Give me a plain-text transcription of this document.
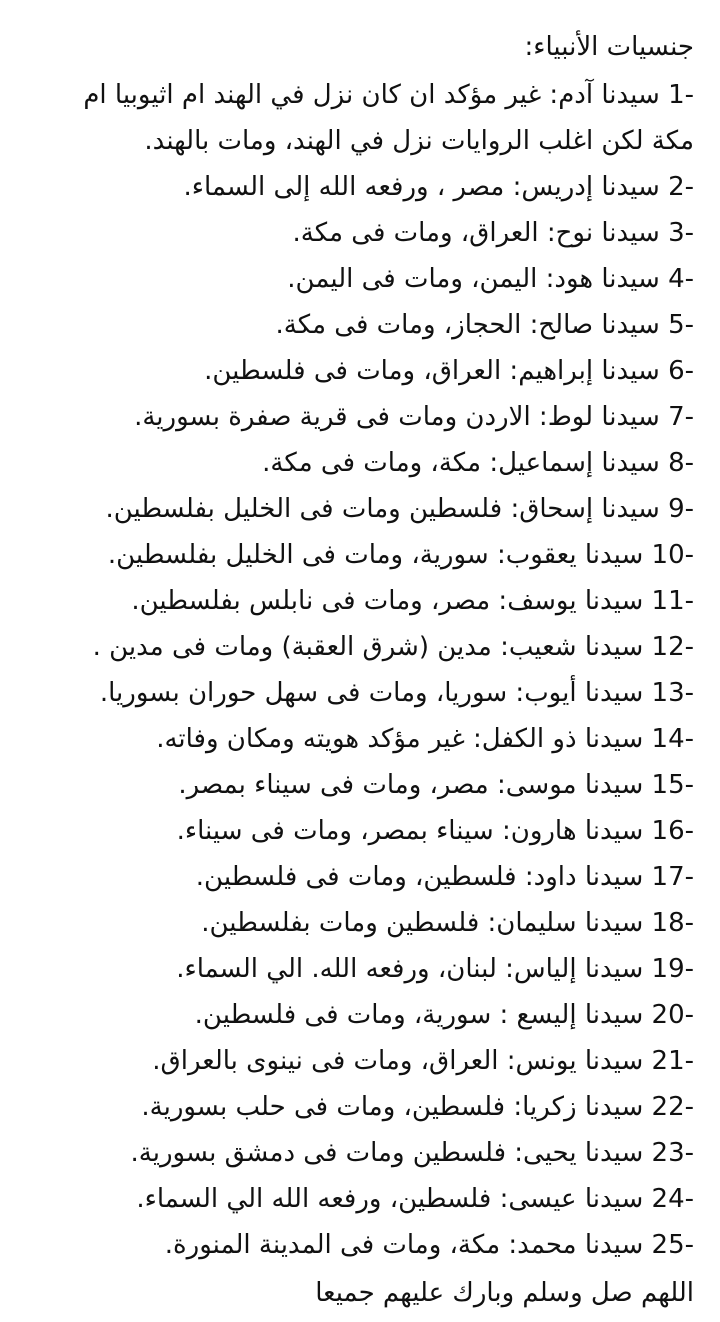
جنسيات الأنبياء:
1- سيدنا آدم: غير مؤكد ان كان نزل في الهند ام اثيوبيا ام
مكة لكن اغلب الروايات نزل في الهند، ومات بالهند.
2- سيدنا إدريس: مصر ، ورفعه الله إلى السماء.
3- سيدنا نوح: العراق، ومات فى مكة.
4- سيدنا هود: اليمن، ومات فى اليمن.
5- سيدنا صالح: الحجاز، ومات فى مكة.
6- سيدنا إبراهيم: العراق، ومات فى فلسطين.
7- سيدنا لوط: الاردن ومات فى قرية صفرة بسورية.
8- سيدنا إسماعيل: مكة، ومات فى مكة.
9- سيدنا إسحاق: فلسطين ومات فى الخليل بفلسطين.
10- سيدنا يعقوب: سورية، ومات فى الخليل بفلسطين.
11- سيدنا يوسف: مصر، ومات فى نابلس بفلسطين.
12- سيدنا شعيب: مدين (شرق العقبة) ومات فى مدين .
13- سيدنا أيوب: سوريا، ومات فى سهل حوران بسوريا.
14- سيدنا ذو الكفل: غير مؤكد هويته ومكان وفاته.
15- سيدنا موسى: مصر، ومات فى سيناء بمصر.
16- سيدنا هارون: سيناء بمصر، ومات فى سيناء.
17- سيدنا داود: فلسطين، ومات فى فلسطين.
18- سيدنا سليمان: فلسطين ومات بفلسطين.
19- سيدنا إلياس: لبنان، ورفعه الله. الي السماء.
20- سيدنا إليسع : سورية، ومات فى فلسطين.
21- سيدنا يونس: العراق، ومات فى نينوى بالعراق.
22- سيدنا زكريا: فلسطين، ومات فى حلب بسورية.
23- سيدنا يحيى: فلسطين ومات فى دمشق بسورية.
24- سيدنا عيسى: فلسطين، ورفعه الله الي السماء.
25- سيدنا محمد: مكة، ومات فى المدينة المنورة.
اللهم صل وسلم وبارك عليهم جميعا
